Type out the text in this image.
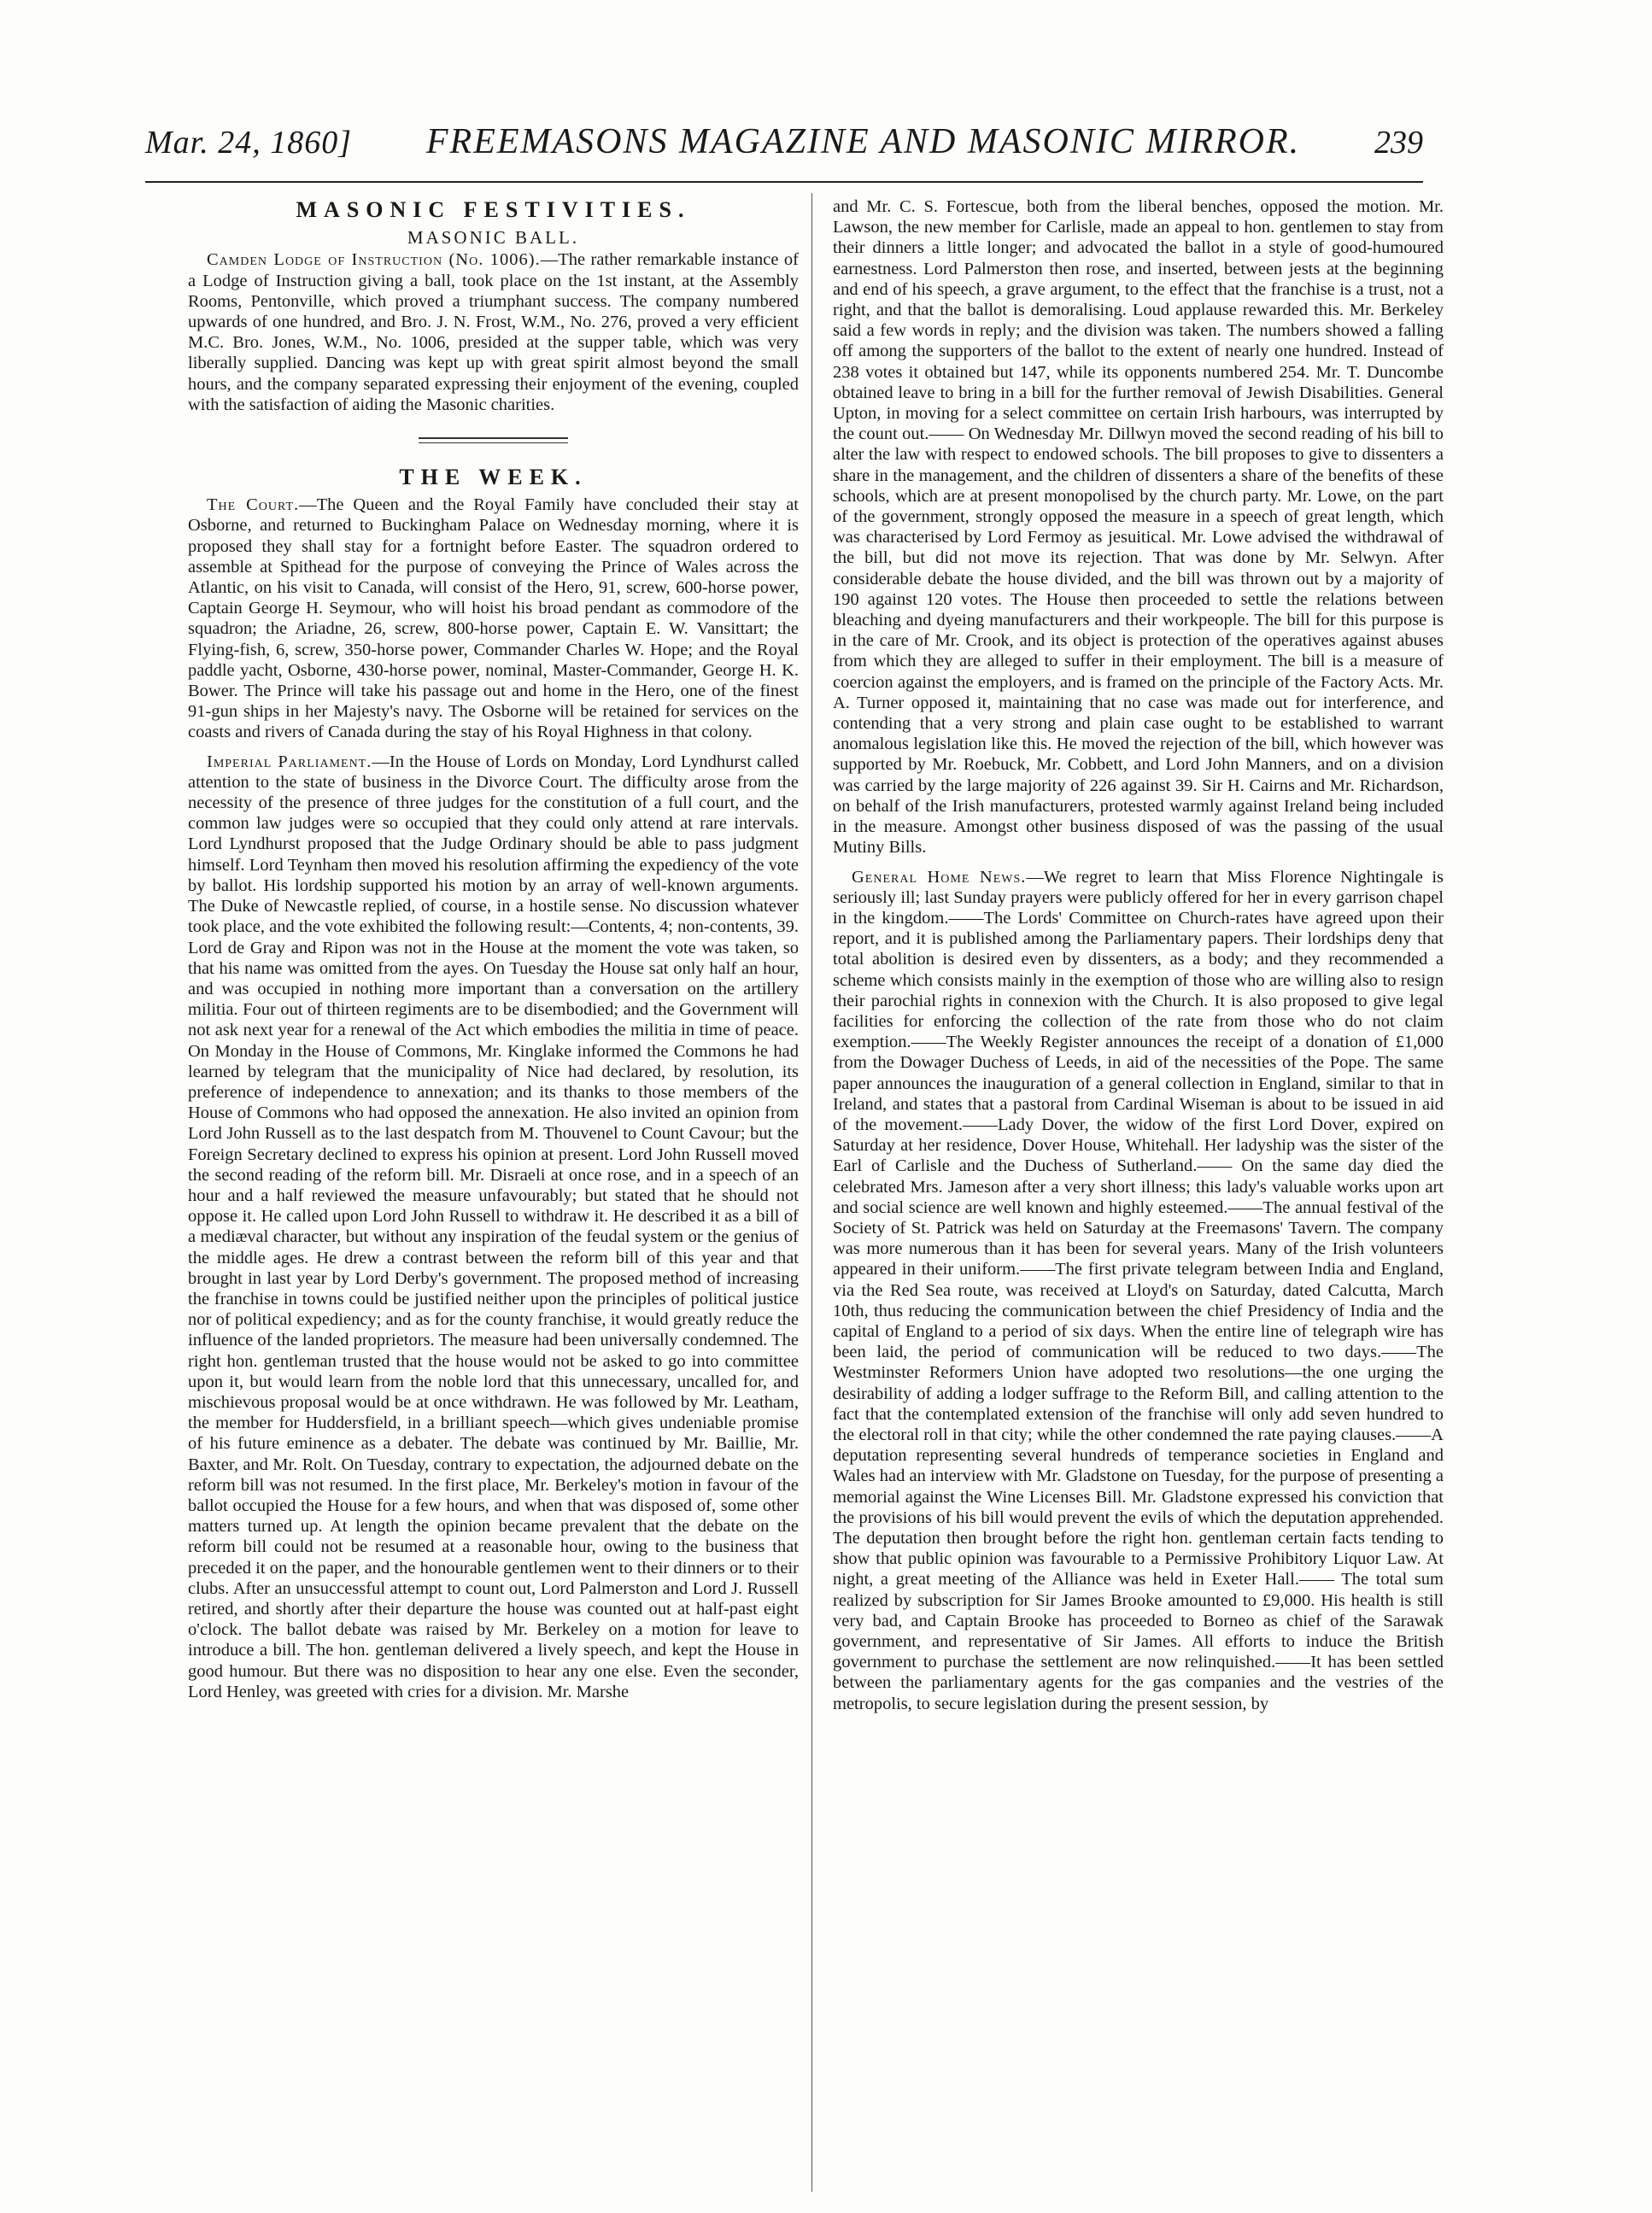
Mar. 24, 1860] FREEMASONS MAGAZINE AND MASONIC MIRROR. 239
MASONIC FESTIVITIES.
MASONIC BALL.

Camden Lodge of Instruction (No. 1006).—The rather remarkable instance of a Lodge of Instruction giving a ball, took place on the 1st instant, at the Assembly Rooms, Pentonville, which proved a triumphant success. The company numbered upwards of one hundred, and Bro. J. N. Frost, W.M., No. 276, proved a very efficient M.C. Bro. Jones, W.M., No. 1006, presided at the supper table, which was very liberally supplied. Dancing was kept up with great spirit almost beyond the small hours, and the company separated expressing their enjoyment of the evening, coupled with the satisfaction of aiding the Masonic charities.

THE WEEK.

The Court.—The Queen and the Royal Family have concluded their stay at Osborne, and returned to Buckingham Palace on Wednesday morning, where it is proposed they shall stay for a fortnight before Easter. The squadron ordered to assemble at Spithead for the purpose of conveying the Prince of Wales across the Atlantic, on his visit to Canada, will consist of the Hero, 91, screw, 600-horse power, Captain George H. Seymour, who will hoist his broad pendant as commodore of the squadron; the Ariadne, 26, screw, 800-horse power, Captain E. W. Vansittart; the Flying-fish, 6, screw, 350-horse power, Commander Charles W. Hope; and the Royal paddle yacht, Osborne, 430-horse power, nominal, Master-Commander, George H. K. Bower. The Prince will take his passage out and home in the Hero, one of the finest 91-gun ships in her Majesty's navy. The Osborne will be retained for services on the coasts and rivers of Canada during the stay of his Royal Highness in that colony.

Imperial Parliament.—In the House of Lords on Monday, Lord Lyndhurst called attention to the state of business in the Divorce Court. The difficulty arose from the necessity of the presence of three judges for the constitution of a full court, and the common law judges were so occupied that they could only attend at rare intervals. Lord Lyndhurst proposed that the Judge Ordinary should be able to pass judgment himself. Lord Teynham then moved his resolution affirming the expediency of the vote by ballot. His lordship supported his motion by an array of well-known arguments. The Duke of Newcastle replied, of course, in a hostile sense. No discussion whatever took place, and the vote exhibited the following result:—Contents, 4; non-contents, 39. Lord de Gray and Ripon was not in the House at the moment the vote was taken, so that his name was omitted from the ayes. On Tuesday the House sat only half an hour, and was occupied in nothing more important than a conversation on the artillery militia. Four out of thirteen regiments are to be disembodied; and the Government will not ask next year for a renewal of the Act which embodies the militia in time of peace. On Monday in the House of Commons, Mr. Kinglake informed the Commons he had learned by telegram that the municipality of Nice had declared, by resolution, its preference of independence to annexation; and its thanks to those members of the House of Commons who had opposed the annexation. He also invited an opinion from Lord John Russell as to the last despatch from M. Thouvenel to Count Cavour; but the Foreign Secretary declined to express his opinion at present. Lord John Russell moved the second reading of the reform bill. Mr. Disraeli at once rose, and in a speech of an hour and a half reviewed the measure unfavourably; but stated that he should not oppose it. He called upon Lord John Russell to withdraw it. He described it as a bill of a mediæval character, but without any inspiration of the feudal system or the genius of the middle ages. He drew a contrast between the reform bill of this year and that brought in last year by Lord Derby's government. The proposed method of increasing the franchise in towns could be justified neither upon the principles of political justice nor of political expediency; and as for the county franchise, it would greatly reduce the influence of the landed proprietors. The measure had been universally condemned. The right hon. gentleman trusted that the house would not be asked to go into committee upon it, but would learn from the noble lord that this unnecessary, uncalled for, and mischievous proposal would be at once withdrawn. He was followed by Mr. Leatham, the member for Huddersfield, in a brilliant speech—which gives undeniable promise of his future eminence as a debater. The debate was continued by Mr. Baillie, Mr. Baxter, and Mr. Rolt. On Tuesday, contrary to expectation, the adjourned debate on the reform bill was not resumed. In the first place, Mr. Berkeley's motion in favour of the ballot occupied the House for a few hours, and when that was disposed of, some other matters turned up. At length the opinion became prevalent that the debate on the reform bill could not be resumed at a reasonable hour, owing to the business that preceded it on the paper, and the honourable gentlemen went to their dinners or to their clubs. After an unsuccessful attempt to count out, Lord Palmerston and Lord J. Russell retired, and shortly after their departure the house was counted out at half-past eight o'clock. The ballot debate was raised by Mr. Berkeley on a motion for leave to introduce a bill. The hon. gentleman delivered a lively speech, and kept the House in good humour. But there was no disposition to hear any one else. Even the seconder, Lord Henley, was greeted with cries for a division. Mr. Marshe

and Mr. C. S. Fortescue, both from the liberal benches, opposed the motion. Mr. Lawson, the new member for Carlisle, made an appeal to hon. gentlemen to stay from their dinners a little longer; and advocated the ballot in a style of good-humoured earnestness. Lord Palmerston then rose, and inserted, between jests at the beginning and end of his speech, a grave argument, to the effect that the franchise is a trust, not a right, and that the ballot is demoralising. Loud applause rewarded this. Mr. Berkeley said a few words in reply; and the division was taken. The numbers showed a falling off among the supporters of the ballot to the extent of nearly one hundred. Instead of 238 votes it obtained but 147, while its opponents numbered 254. Mr. T. Duncombe obtained leave to bring in a bill for the further removal of Jewish Disabilities. General Upton, in moving for a select committee on certain Irish harbours, was interrupted by the count out.—— On Wednesday Mr. Dillwyn moved the second reading of his bill to alter the law with respect to endowed schools. The bill proposes to give to dissenters a share in the management, and the children of dissenters a share of the benefits of these schools, which are at present monopolised by the church party. Mr. Lowe, on the part of the government, strongly opposed the measure in a speech of great length, which was characterised by Lord Fermoy as jesuitical. Mr. Lowe advised the withdrawal of the bill, but did not move its rejection. That was done by Mr. Selwyn. After considerable debate the house divided, and the bill was thrown out by a majority of 190 against 120 votes. The House then proceeded to settle the relations between bleaching and dyeing manufacturers and their workpeople. The bill for this purpose is in the care of Mr. Crook, and its object is protection of the operatives against abuses from which they are alleged to suffer in their employment. The bill is a measure of coercion against the employers, and is framed on the principle of the Factory Acts. Mr. A. Turner opposed it, maintaining that no case was made out for interference, and contending that a very strong and plain case ought to be established to warrant anomalous legislation like this. He moved the rejection of the bill, which however was supported by Mr. Roebuck, Mr. Cobbett, and Lord John Manners, and on a division was carried by the large majority of 226 against 39. Sir H. Cairns and Mr. Richardson, on behalf of the Irish manufacturers, protested warmly against Ireland being included in the measure. Amongst other business disposed of was the passing of the usual Mutiny Bills.

General Home News.—We regret to learn that Miss Florence Nightingale is seriously ill; last Sunday prayers were publicly offered for her in every garrison chapel in the kingdom.——The Lords' Committee on Church-rates have agreed upon their report, and it is published among the Parliamentary papers. Their lordships deny that total abolition is desired even by dissenters, as a body; and they recommended a scheme which consists mainly in the exemption of those who are willing also to resign their parochial rights in connexion with the Church. It is also proposed to give legal facilities for enforcing the collection of the rate from those who do not claim exemption.——The Weekly Register announces the receipt of a donation of £1,000 from the Dowager Duchess of Leeds, in aid of the necessities of the Pope. The same paper announces the inauguration of a general collection in England, similar to that in Ireland, and states that a pastoral from Cardinal Wiseman is about to be issued in aid of the movement.——Lady Dover, the widow of the first Lord Dover, expired on Saturday at her residence, Dover House, Whitehall. Her ladyship was the sister of the Earl of Carlisle and the Duchess of Sutherland.—— On the same day died the celebrated Mrs. Jameson after a very short illness; this lady's valuable works upon art and social science are well known and highly esteemed.——The annual festival of the Society of St. Patrick was held on Saturday at the Freemasons' Tavern. The company was more numerous than it has been for several years. Many of the Irish volunteers appeared in their uniform.——The first private telegram between India and England, via the Red Sea route, was received at Lloyd's on Saturday, dated Calcutta, March 10th, thus reducing the communication between the chief Presidency of India and the capital of England to a period of six days. When the entire line of telegraph wire has been laid, the period of communication will be reduced to two days.——The Westminster Reformers Union have adopted two resolutions—the one urging the desirability of adding a lodger suffrage to the Reform Bill, and calling attention to the fact that the contemplated extension of the franchise will only add seven hundred to the electoral roll in that city; while the other condemned the rate paying clauses.——A deputation representing several hundreds of temperance societies in England and Wales had an interview with Mr. Gladstone on Tuesday, for the purpose of presenting a memorial against the Wine Licenses Bill. Mr. Gladstone expressed his conviction that the provisions of his bill would prevent the evils of which the deputation apprehended. The deputation then brought before the right hon. gentleman certain facts tending to show that public opinion was favourable to a Permissive Prohibitory Liquor Law. At night, a great meeting of the Alliance was held in Exeter Hall.—— The total sum realized by subscription for Sir James Brooke amounted to £9,000. His health is still very bad, and Captain Brooke has proceeded to Borneo as chief of the Sarawak government, and representative of Sir James. All efforts to induce the British government to purchase the settlement are now relinquished.——It has been settled between the parliamentary agents for the gas companies and the vestries of the metropolis, to secure legislation during the present session, by
